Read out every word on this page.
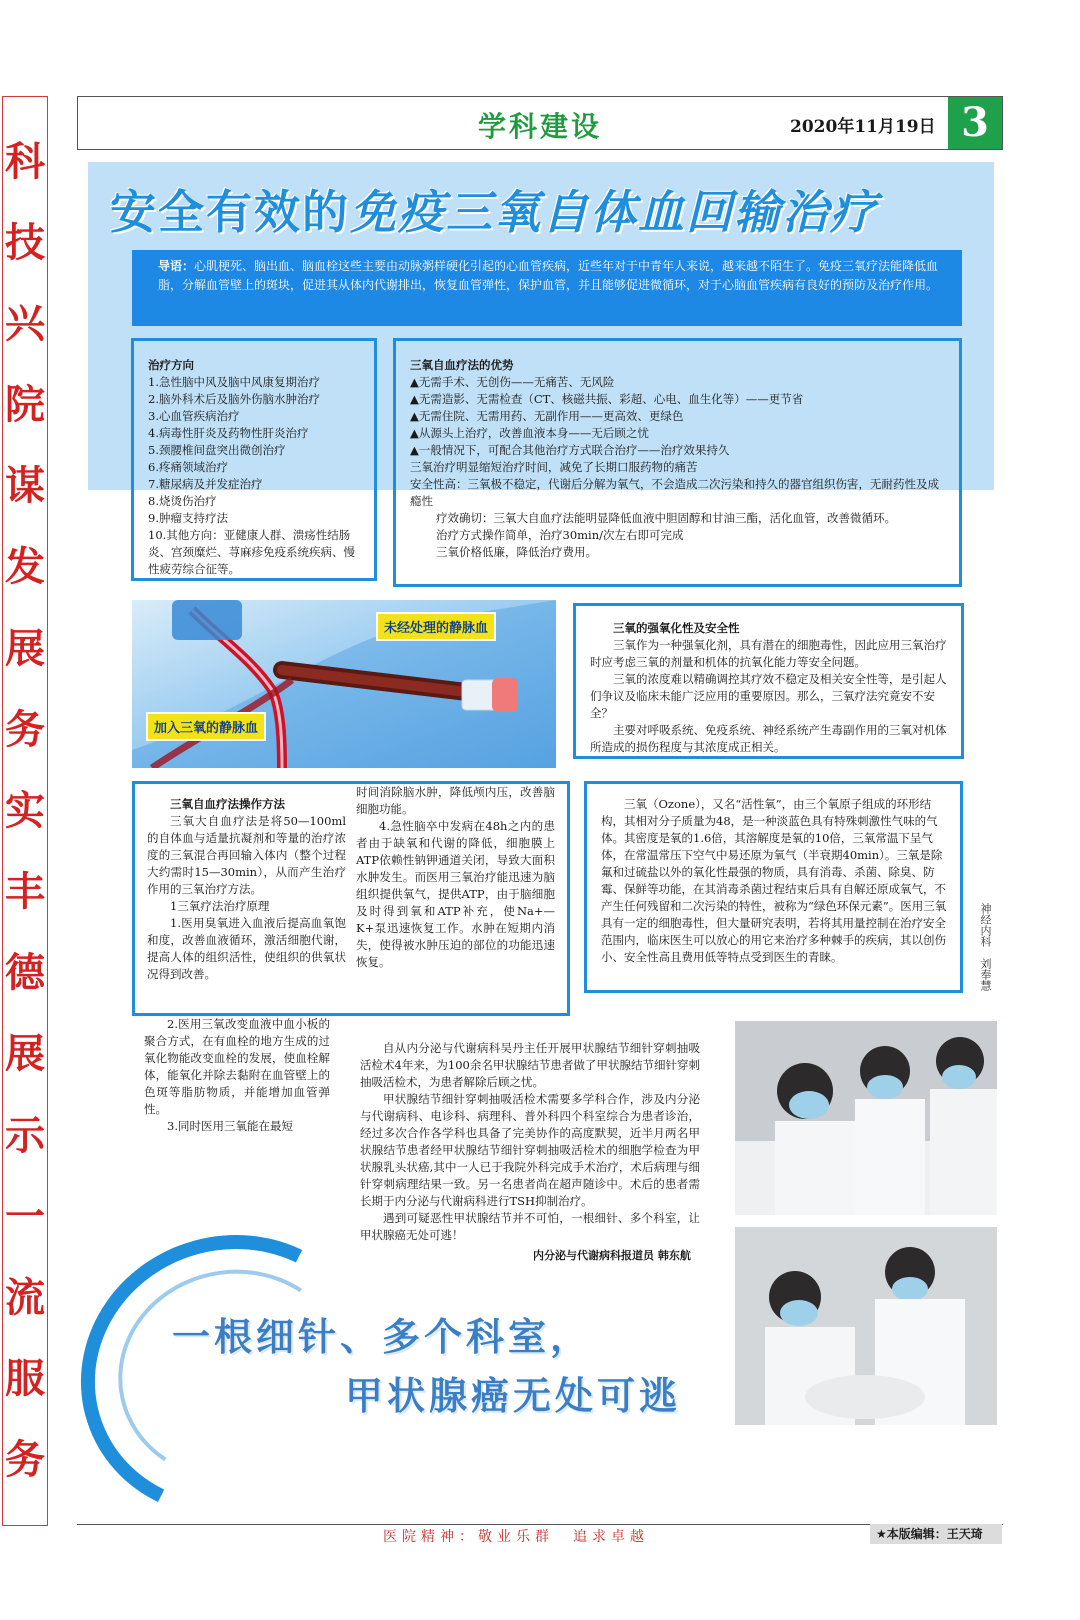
科
技
兴
院
谋
发
展
务
实
丰
德
展
示
一
流
服
务
学科建设	2020年11月19日 3
安全有效的免疫三氧自体血回输治疗
导语：心肌梗死、脑出血、脑血栓这些主要由动脉粥样硬化引起的心血管疾病，近些年对于中青年人来说，越来越不陌生了。免疫三氧疗法能降低血脂，分解血管壁上的斑块，促进其从体内代谢排出，恢复血管弹性，保护血管，并且能够促进微循环，对于心脑血管疾病有良好的预防及治疗作用。

治疗方向

1.急性脑中风及脑中风康复期治疗

2.脑外科术后及脑外伤脑水肿治疗

3.心血管疾病治疗

4.病毒性肝炎及药物性肝炎治疗

5.颈腰椎间盘突出微创治疗

6.疼痛领域治疗

7.糖尿病及并发症治疗

8.烧烫伤治疗

9.肿瘤支持疗法

10.其他方向：亚健康人群、溃疡性结肠炎、宫颈糜烂、荨麻疹免疫系统疾病、慢性疲劳综合征等。

三氧自血疗法的优势

▲无需手术、无创伤——无痛苦、无风险

▲无需造影、无需检查（CT、核磁共振、彩超、心电、血生化等）——更节省

▲无需住院、无需用药、无副作用——更高效、更绿色

▲从源头上治疗，改善血液本身——无后顾之忧

▲一般情况下，可配合其他治疗方式联合治疗——治疗效果持久

三氧治疗明显缩短治疗时间，减免了长期口服药物的痛苦

安全性高：三氧极不稳定，代谢后分解为氧气，不会造成二次污染和持久的器官组织伤害，无耐药性及成瘾性

疗效确切：三氧大自血疗法能明显降低血液中胆固醇和甘油三酯，活化血管，改善微循环。

治疗方式操作简单，治疗30min/次左右即可完成

三氧价格低廉，降低治疗费用。

未经处理的静脉血
加入三氧的静脉血

三氧的强氧化性及安全性

三氧作为一种强氧化剂，具有潜在的细胞毒性，因此应用三氧治疗时应考虑三氧的剂量和机体的抗氧化能力等安全问题。

三氧的浓度难以精确调控其疗效不稳定及相关安全性等，是引起人们争议及临床未能广泛应用的重要原因。那么，三氧疗法究竟安不安全？

主要对呼吸系统、免疫系统、神经系统产生毒副作用的三氧对机体所造成的损伤程度与其浓度成正相关。

三氧自血疗法操作方法

三氧大自血疗法是将50—100ml的自体血与适量抗凝剂和等量的治疗浓度的三氧混合再回输入体内（整个过程大约需时15—30min），从而产生治疗作用的三氧治疗方法。

1三氧疗法治疗原理

1.医用臭氧进入血液后提高血氧饱和度，改善血液循环，激活细胞代谢，提高人体的组织活性，使组织的供氧状况得到改善。

时间消除脑水肿，降低颅内压，改善脑细胞功能。

4.急性脑卒中发病在48h之内的患者由于缺氧和代谢的降低，细胞膜上ATP依赖性钠钾通道关闭，导致大面积水肿发生。而医用三氧治疗能迅速为脑组织提供氧气，提供ATP，由于脑细胞及时得到氧和ATP补充，使Na+—K+泵迅速恢复工作。水肿在短期内消失，使得被水肿压迫的部位的功能迅速恢复。

2.医用三氧改变血液中血小板的聚合方式，在有血栓的地方生成的过氧化物能改变血栓的发展，使血栓解体，能氧化并除去黏附在血管壁上的色斑等脂肪物质，并能增加血管弹性。

3.同时医用三氧能在最短

三氧（Ozone），又名“活性氧”，由三个氧原子组成的环形结构，其相对分子质量为48，是一种淡蓝色具有特殊刺激性气味的气体。其密度是氧的1.6倍，其溶解度是氧的10倍，三氧常温下呈气体，在常温常压下空气中易还原为氧气（半衰期40min）。三氧是除氟和过硫盐以外的氧化性最强的物质，具有消毒、杀菌、除臭、防霉、保鲜等功能，在其消毒杀菌过程结束后具有自解还原成氧气，不产生任何残留和二次污染的特性，被称为“绿色环保元素”。医用三氧具有一定的细胞毒性，但大量研究表明，若将其用量控制在治疗安全范围内，临床医生可以放心的用它来治疗多种棘手的疾病，其以创伤小、安全性高且费用低等特点受到医生的青睐。

神经内科　刘奉慧

自从内分泌与代谢病科吴丹主任开展甲状腺结节细针穿刺抽吸活检术4年来，为100余名甲状腺结节患者做了甲状腺结节细针穿刺抽吸活检术，为患者解除后顾之忧。

甲状腺结节细针穿刺抽吸活检术需要多学科合作，涉及内分泌与代谢病科、电诊科、病理科、普外科四个科室综合为患者诊治，经过多次合作各学科也具备了完美协作的高度默契，近半月两名甲状腺结节患者经甲状腺结节细针穿刺抽吸活检术的细胞学检查为甲状腺乳头状癌,其中一人已于我院外科完成手术治疗，术后病理与细针穿刺病理结果一致。另一名患者尚在超声随诊中。术后的患者需长期于内分泌与代谢病科进行TSH抑制治疗。

遇到可疑恶性甲状腺结节并不可怕，一根细针、多个科室，让甲状腺癌无处可逃！

内分泌与代谢病科报道员 韩东航
一根细针、多个科室，
甲状腺癌无处可逃
医院精神：敬业乐群　追求卓越	★本版编辑：王天琦
